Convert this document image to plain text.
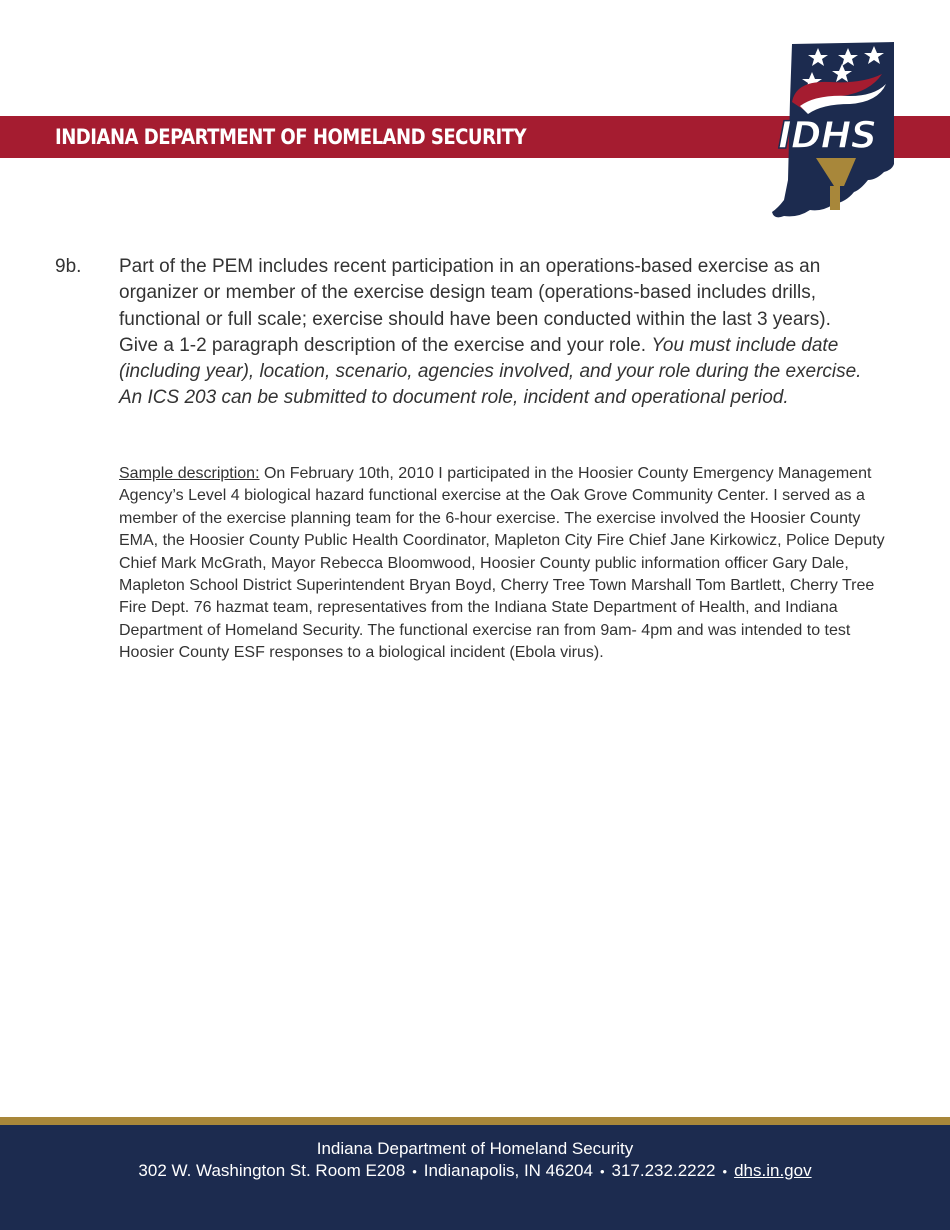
INDIANA DEPARTMENT OF HOMELAND SECURITY	IDHS
9b. Part of the PEM includes recent participation in an operations-based exercise as an organizer or member of the exercise design team (operations-based includes drills, functional or full scale; exercise should have been conducted within the last 3 years). Give a 1-2 paragraph description of the exercise and your role. You must include date (including year), location, scenario, agencies involved, and your role during the exercise. An ICS 203 can be submitted to document role, incident and operational period.
Sample description: On February 10th, 2010 I participated in the Hoosier County Emergency Management Agency’s Level 4 biological hazard functional exercise at the Oak Grove Community Center. I served as a member of the exercise planning team for the 6-hour exercise. The exercise involved the Hoosier County EMA, the Hoosier County Public Health Coordinator, Mapleton City Fire Chief Jane Kirkowicz, Police Deputy Chief Mark McGrath, Mayor Rebecca Bloomwood, Hoosier County public information officer Gary Dale, Mapleton School District Superintendent Bryan Boyd, Cherry Tree Town Marshall Tom Bartlett, Cherry Tree Fire Dept. 76 hazmat team, representatives from the Indiana State Department of Health, and Indiana Department of Homeland Security. The functional exercise ran from 9am- 4pm and was intended to test Hoosier County ESF responses to a biological incident (Ebola virus).
Indiana Department of Homeland Security
302 W. Washington St. Room E208 • Indianapolis, IN 46204 • 317.232.2222 • dhs.in.gov
